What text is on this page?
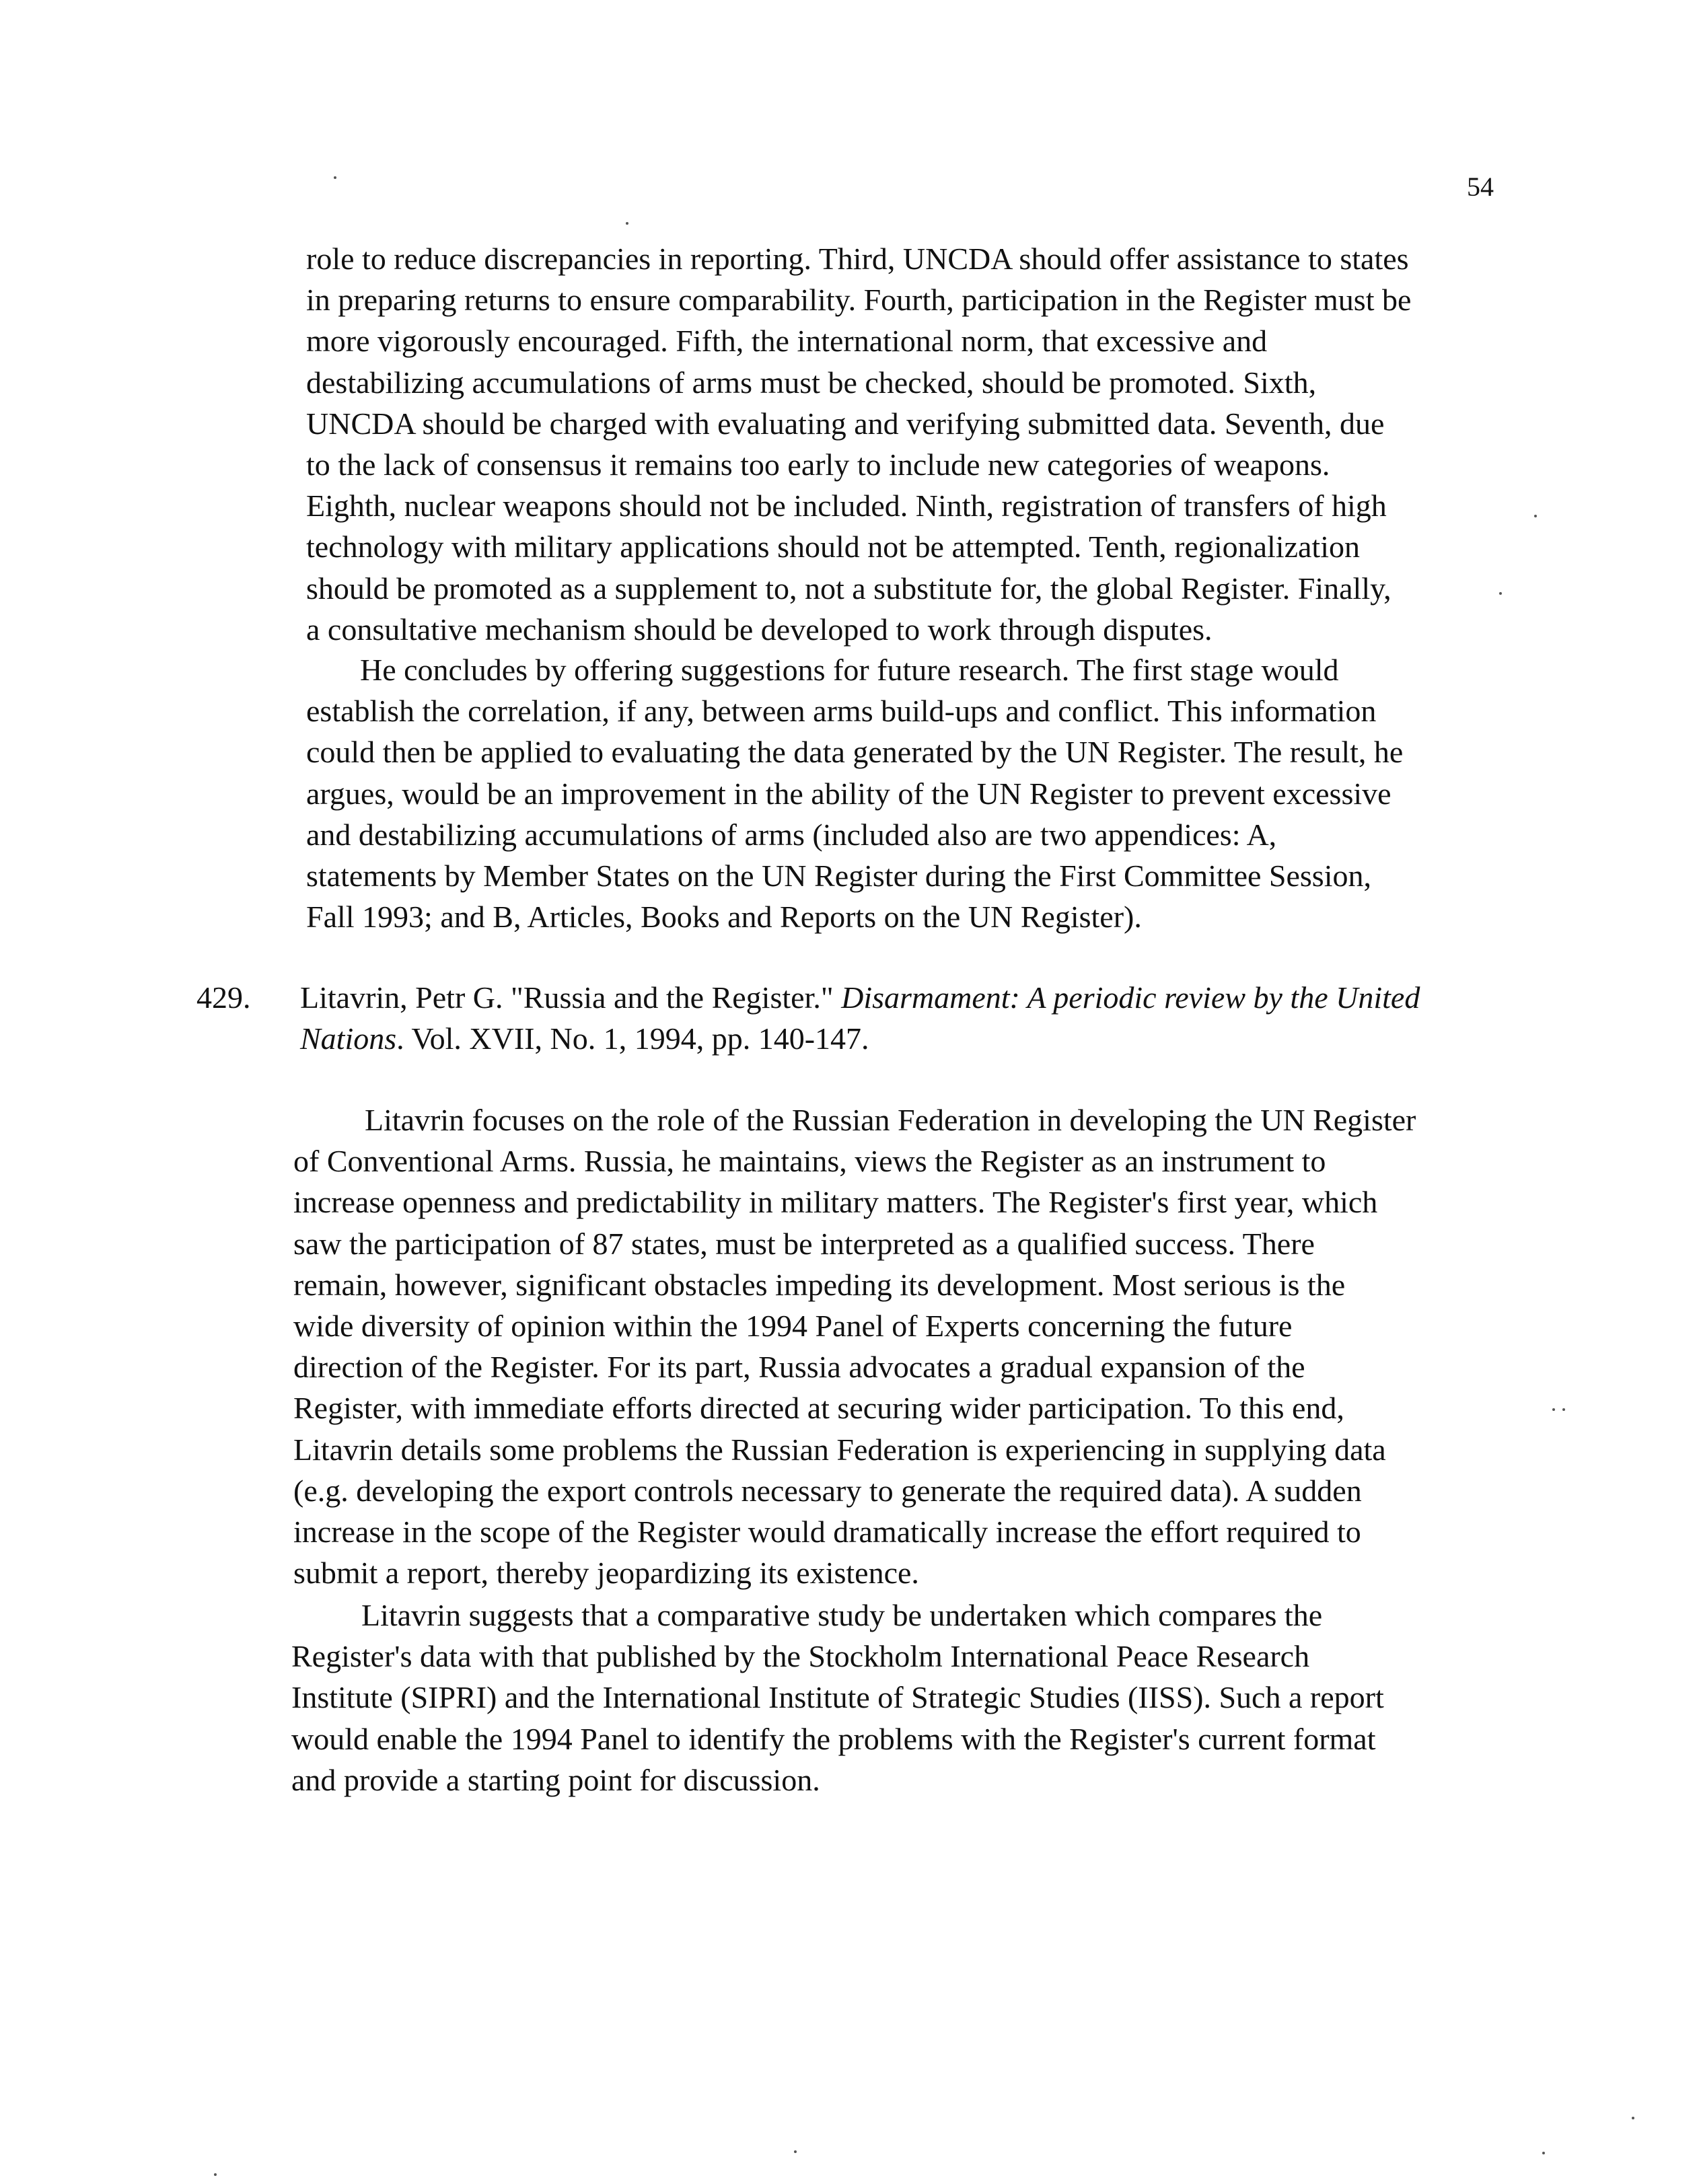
54
role to reduce discrepancies in reporting. Third, UNCDA should offer assistance to states
in preparing returns to ensure comparability. Fourth, participation in the Register must be
more vigorously encouraged. Fifth, the international norm, that excessive and
destabilizing accumulations of arms must be checked, should be promoted. Sixth,
UNCDA should be charged with evaluating and verifying submitted data. Seventh, due
to the lack of consensus it remains too early to include new categories of weapons.
Eighth, nuclear weapons should not be included. Ninth, registration of transfers of high
technology with military applications should not be attempted. Tenth, regionalization
should be promoted as a supplement to, not a substitute for, the global Register. Finally,
a consultative mechanism should be developed to work through disputes.
He concludes by offering suggestions for future research. The first stage would
establish the correlation, if any, between arms build-ups and conflict. This information
could then be applied to evaluating the data generated by the UN Register. The result, he
argues, would be an improvement in the ability of the UN Register to prevent excessive
and destabilizing accumulations of arms (included also are two appendices: A,
statements by Member States on the UN Register during the First Committee Session,
Fall 1993; and B, Articles, Books and Reports on the UN Register).
429. Litavrin, Petr G. "Russia and the Register." Disarmament: A periodic review by the United
Nations. Vol. XVII, No. 1, 1994, pp. 140-147.
Litavrin focuses on the role of the Russian Federation in developing the UN Register
of Conventional Arms. Russia, he maintains, views the Register as an instrument to
increase openness and predictability in military matters. The Register's first year, which
saw the participation of 87 states, must be interpreted as a qualified success. There
remain, however, significant obstacles impeding its development. Most serious is the
wide diversity of opinion within the 1994 Panel of Experts concerning the future
direction of the Register. For its part, Russia advocates a gradual expansion of the
Register, with immediate efforts directed at securing wider participation. To this end,
Litavrin details some problems the Russian Federation is experiencing in supplying data
(e.g. developing the export controls necessary to generate the required data). A sudden
increase in the scope of the Register would dramatically increase the effort required to
submit a report, thereby jeopardizing its existence.
Litavrin suggests that a comparative study be undertaken which compares the
Register's data with that published by the Stockholm International Peace Research
Institute (SIPRI) and the International Institute of Strategic Studies (IISS). Such a report
would enable the 1994 Panel to identify the problems with the Register's current format
and provide a starting point for discussion.
